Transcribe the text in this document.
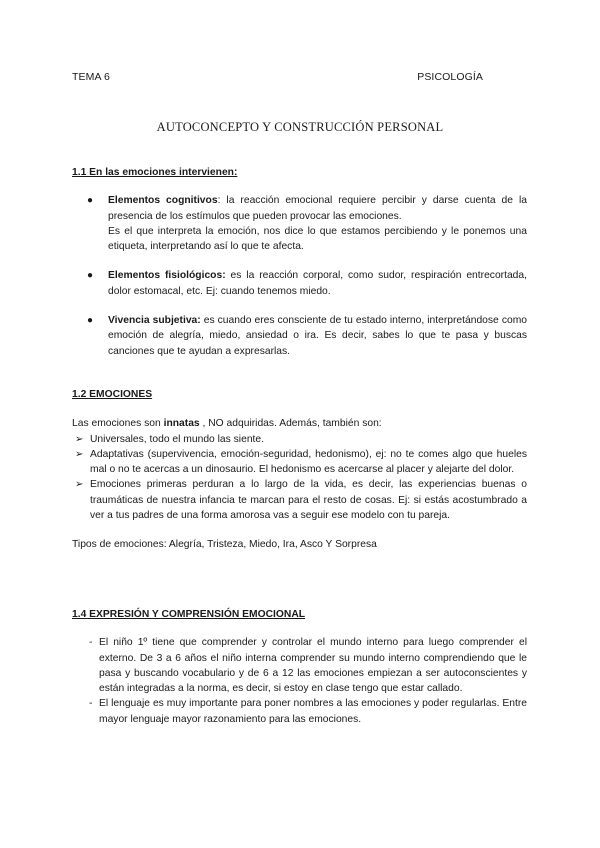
TEMA 6	PSICOLOGÍA
AUTOCONCEPTO Y CONSTRUCCIÓN PERSONAL

1.1 En las emociones intervienen:

● Elementos cognitivos: la reacción emocional requiere percibir y darse cuenta de la presencia de los estímulos que pueden provocar las emociones.
Es el que interpreta la emoción, nos dice lo que estamos percibiendo y le ponemos una etiqueta, interpretando así lo que te afecta.
● Elementos fisiológicos: es la reacción corporal, como sudor, respiración entrecortada, dolor estomacal, etc. Ej: cuando tenemos miedo.
● Vivencia subjetiva: es cuando eres consciente de tu estado interno, interpretándose como emoción de alegría, miedo, ansiedad o ira. Es decir, sabes lo que te pasa y buscas canciones que te ayudan a expresarlas.

1.2 EMOCIONES

Las emociones son innatas , NO adquiridas. Además, también son:

➢ Universales, todo el mundo las siente.
➢ Adaptativas (supervivencia, emoción-seguridad, hedonismo), ej: no te comes algo que hueles mal o no te acercas a un dinosaurio. El hedonismo es acercarse al placer y alejarte del dolor.
➢ Emociones primeras perduran a lo largo de la vida, es decir, las experiencias buenas o traumáticas de nuestra infancia te marcan para el resto de cosas. Ej: si estás acostumbrado a ver a tus padres de una forma amorosa vas a seguir ese modelo con tu pareja.

Tipos de emociones: Alegría, Tristeza, Miedo, Ira, Asco Y Sorpresa

1.4 EXPRESIÓN Y COMPRENSIÓN EMOCIONAL

- El niño 1º tiene que comprender y controlar el mundo interno para luego comprender el externo. De 3 a 6 años el niño interna comprender su mundo interno comprendiendo que le pasa y buscando vocabulario y de 6 a 12 las emociones empiezan a ser autoconscientes y están integradas a la norma, es decir, si estoy en clase tengo que estar callado.
- El lenguaje es muy importante para poner nombres a las emociones y poder regularlas. Entre mayor lenguaje mayor razonamiento para las emociones.
